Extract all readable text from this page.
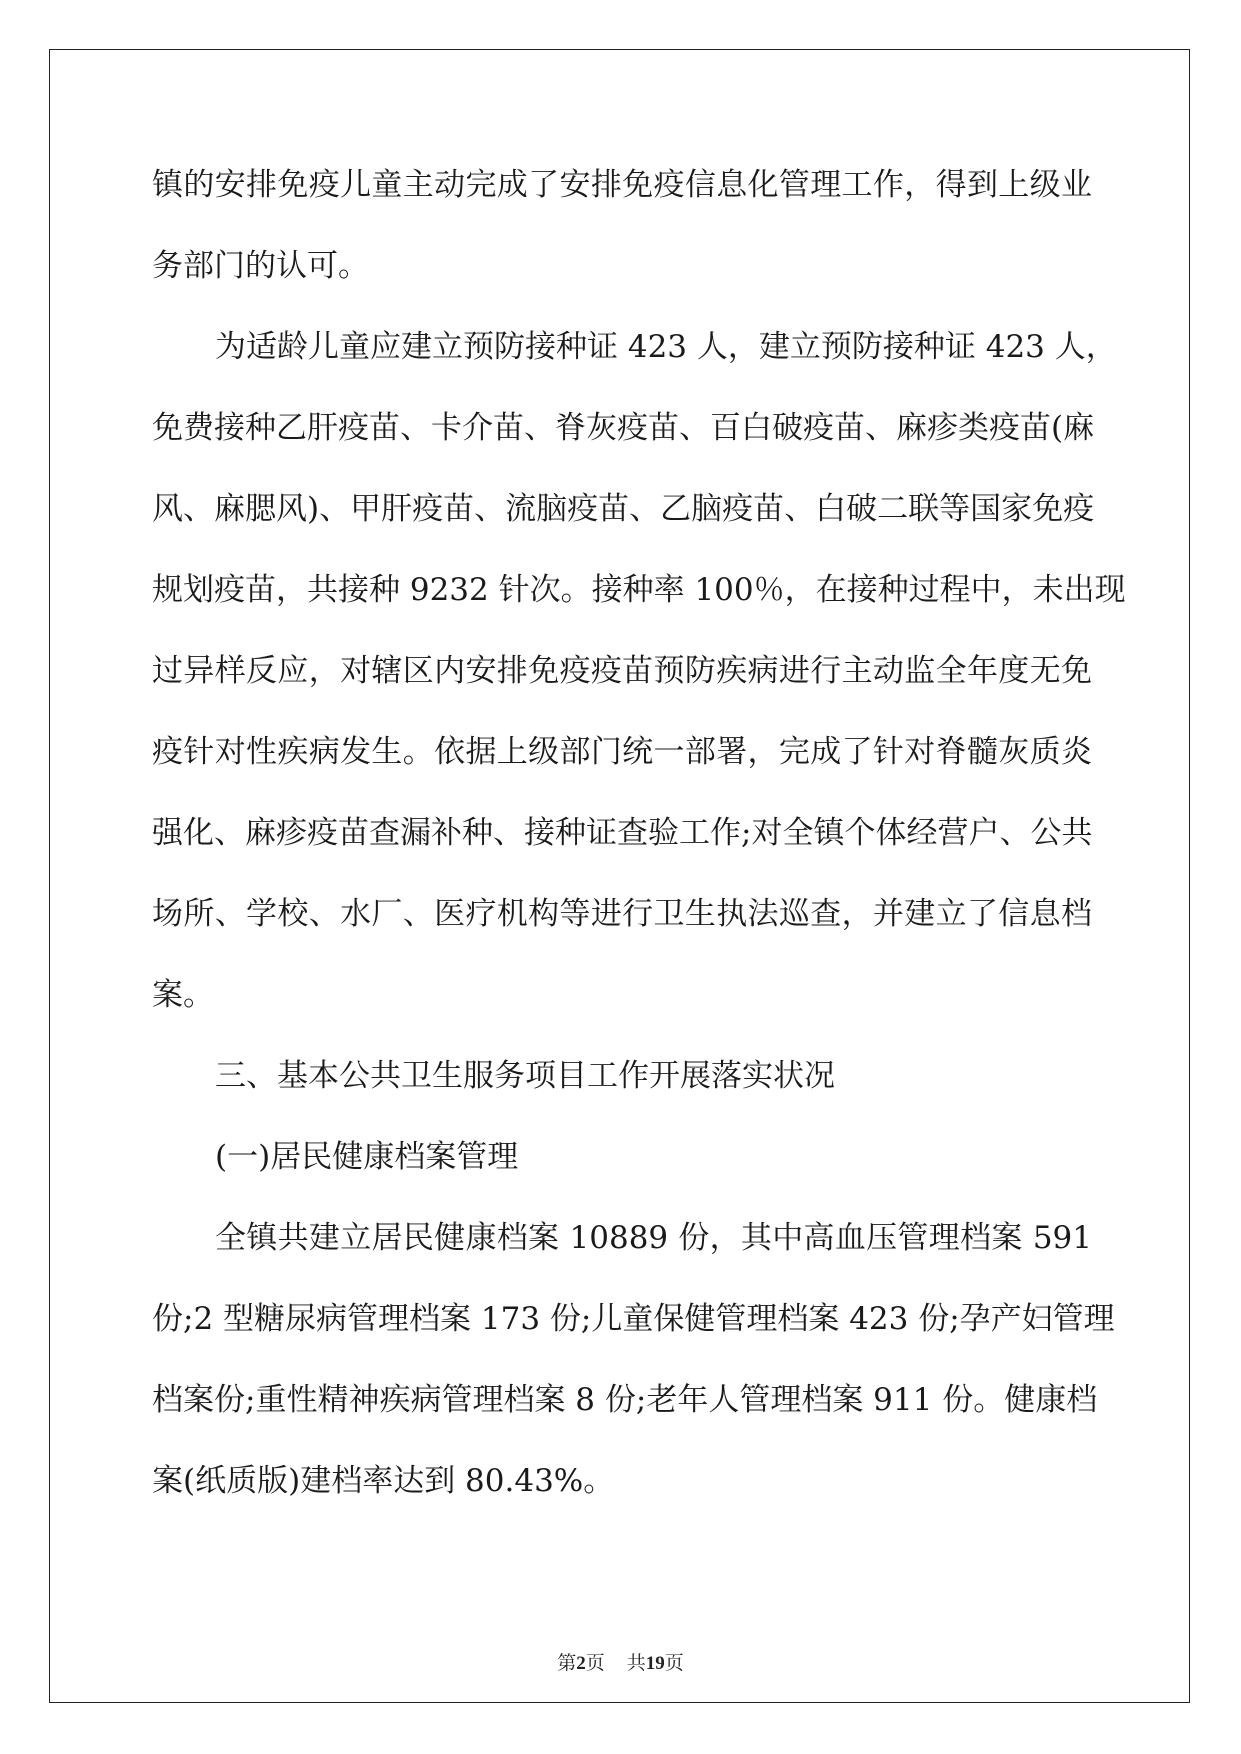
镇的安排免疫儿童主动完成了安排免疫信息化管理工作，得到上级业
务部门的认可。
为适龄儿童应建立预防接种证 423 人，建立预防接种证 423 人，
免费接种乙肝疫苗、卡介苗、脊灰疫苗、百白破疫苗、麻疹类疫苗(麻
风、麻腮风)、甲肝疫苗、流脑疫苗、乙脑疫苗、白破二联等国家免疫
规划疫苗，共接种 9232 针次。接种率 100％，在接种过程中，未出现
过异样反应，对辖区内安排免疫疫苗预防疾病进行主动监全年度无免
疫针对性疾病发生。依据上级部门统一部署，完成了针对脊髓灰质炎
强化、麻疹疫苗查漏补种、接种证查验工作;对全镇个体经营户、公共
场所、学校、水厂、医疗机构等进行卫生执法巡查，并建立了信息档
案。
三、基本公共卫生服务项目工作开展落实状况
(一)居民健康档案管理
全镇共建立居民健康档案 10889 份，其中高血压管理档案 591
份;2 型糖尿病管理档案 173 份;儿童保健管理档案 423 份;孕产妇管理
档案份;重性精神疾病管理档案 8 份;老年人管理档案 911 份。健康档
案(纸质版)建档率达到 80.43%。
第2页 共19页
